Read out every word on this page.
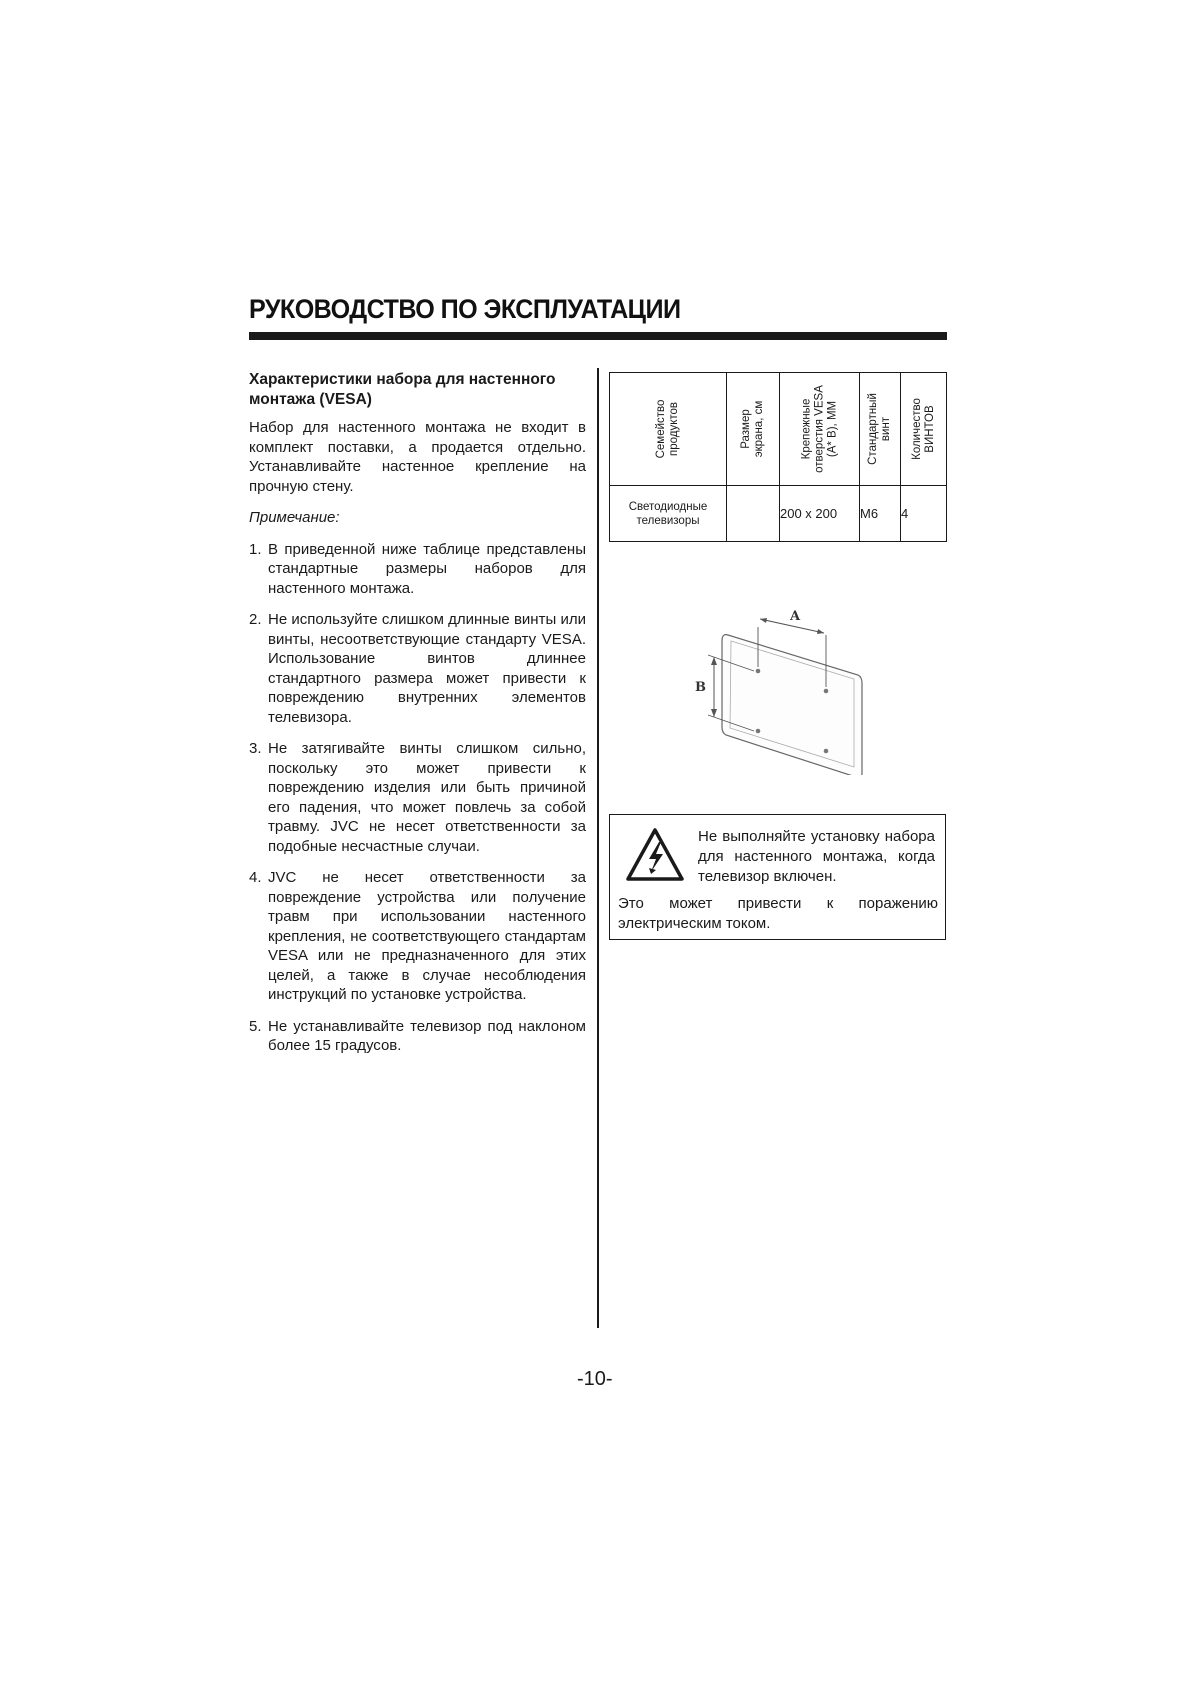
РУКОВОДСТВО ПО ЭКСПЛУАТАЦИИ
Характеристики набора для настенного монтажа (VESA)
Набор для настенного монтажа не входит в комплект поставки, а продается отдельно. Устанавливайте настенное крепление на прочную стену.
Примечание:
1. В приведенной ниже таблице представлены стандартные размеры наборов для настенного монтажа.
2. Не используйте слишком длинные винты или винты, несоответствующие стандарту VESA. Использование винтов длиннее стандартного размера может привести к повреждению внутренних элементов телевизора.
3. Не затягивайте винты слишком сильно, поскольку это может привести к повреждению изделия или быть причиной его падения, что может повлечь за собой травму. JVC не несет ответственности за подобные несчастные случаи.
4. JVC не несет ответственности за повреждение устройства или получение травм при использовании настенного крепления, не соответствующего стандартам VESA или не предназначенного для этих целей, а также в случае несоблюдения инструкций по установке устройства.
5. Не устанавливайте телевизор под наклоном более 15 градусов.
Семейство продуктов	Размер экрана, см	Крепежные отверстия VESA (A* B), ММ	Стандартный винт	Количество ВИНТОВ

Светодиодные
телевизоры		200 x 200	M6	4
A
B
Не выполняйте установку набора для настенного монтажа, когда телевизор включен.
Это может привести к поражению электрическим током.
-10-
